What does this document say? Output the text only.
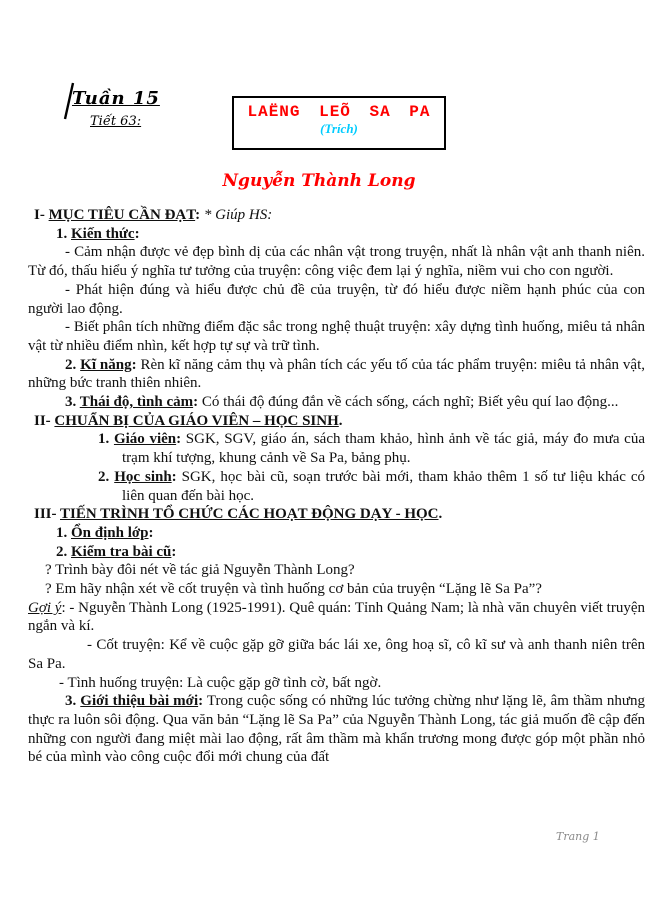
Tuần 15
Tiết 63:
LAËNG LEÕ SA PA
(Trích)
Nguyễn Thành Long

I- MỤC TIÊU CẦN ĐẠT: * Giúp HS:

1. Kiến thức:

- Cảm nhận được vẻ đẹp bình dị của các nhân vật trong truyện, nhất là nhân vật anh thanh niên. Từ đó, thấu hiểu ý nghĩa tư tưởng của truyện: công việc đem lại ý nghĩa, niềm vui cho con người.

- Phát hiện đúng và hiểu được chủ đề của truyện, từ đó hiểu được niềm hạnh phúc của con người lao động.

- Biết phân tích những điểm đặc sắc trong nghệ thuật truyện: xây dựng tình huống, miêu tả nhân vật từ nhiều điểm nhìn, kết hợp tự sự và trữ tình.

2. Kĩ năng: Rèn kĩ năng cảm thụ và phân tích các yếu tố của tác phẩm truyện: miêu tả nhân vật, những bức tranh thiên nhiên.

3. Thái độ, tình cảm: Có thái độ đúng đắn về cách sống, cách nghĩ; Biết yêu quí lao động...

II- CHUẨN BỊ CỦA GIÁO VIÊN – HỌC SINH.

1. Giáo viên: SGK, SGV, giáo án, sách tham khảo, hình ảnh về tác giả, máy đo mưa của trạm khí tượng, khung cảnh về Sa Pa, bảng phụ.

2. Học sinh: SGK, học bài cũ, soạn trước bài mới, tham khảo thêm 1 số tư liệu khác có liên quan đến bài học.

III- TIẾN TRÌNH TỔ CHỨC CÁC HOẠT ĐỘNG DẠY - HỌC.

1. Ổn định lớp:

2. Kiểm tra bài cũ:

? Trình bày đôi nét về tác giả Nguyễn Thành Long?

? Em hãy nhận xét về cốt truyện và tình huống cơ bản của truyện “Lặng lẽ Sa Pa”?

Gợi ý: - Nguyễn Thành Long (1925-1991). Quê quán: Tỉnh Quảng Nam; là nhà văn chuyên viết truyện ngắn và kí.

- Cốt truyện: Kể về cuộc gặp gỡ giữa bác lái xe, ông hoạ sĩ, cô kĩ sư và anh thanh niên trên Sa Pa.

- Tình huống truyện: Là cuộc gặp gỡ tình cờ, bất ngờ.

3. Giới thiệu bài mới: Trong cuộc sống có những lúc tưởng chừng như lặng lẽ, âm thầm nhưng thực ra luôn sôi động. Qua văn bản “Lặng lẽ Sa Pa” của Nguyễn Thành Long, tác giả muốn đề cập đến những con người đang miệt mài lao động, rất âm thầm mà khẩn trương mong được góp một phần nhỏ bé của mình vào công cuộc đổi mới chung của đất

Trang 1
